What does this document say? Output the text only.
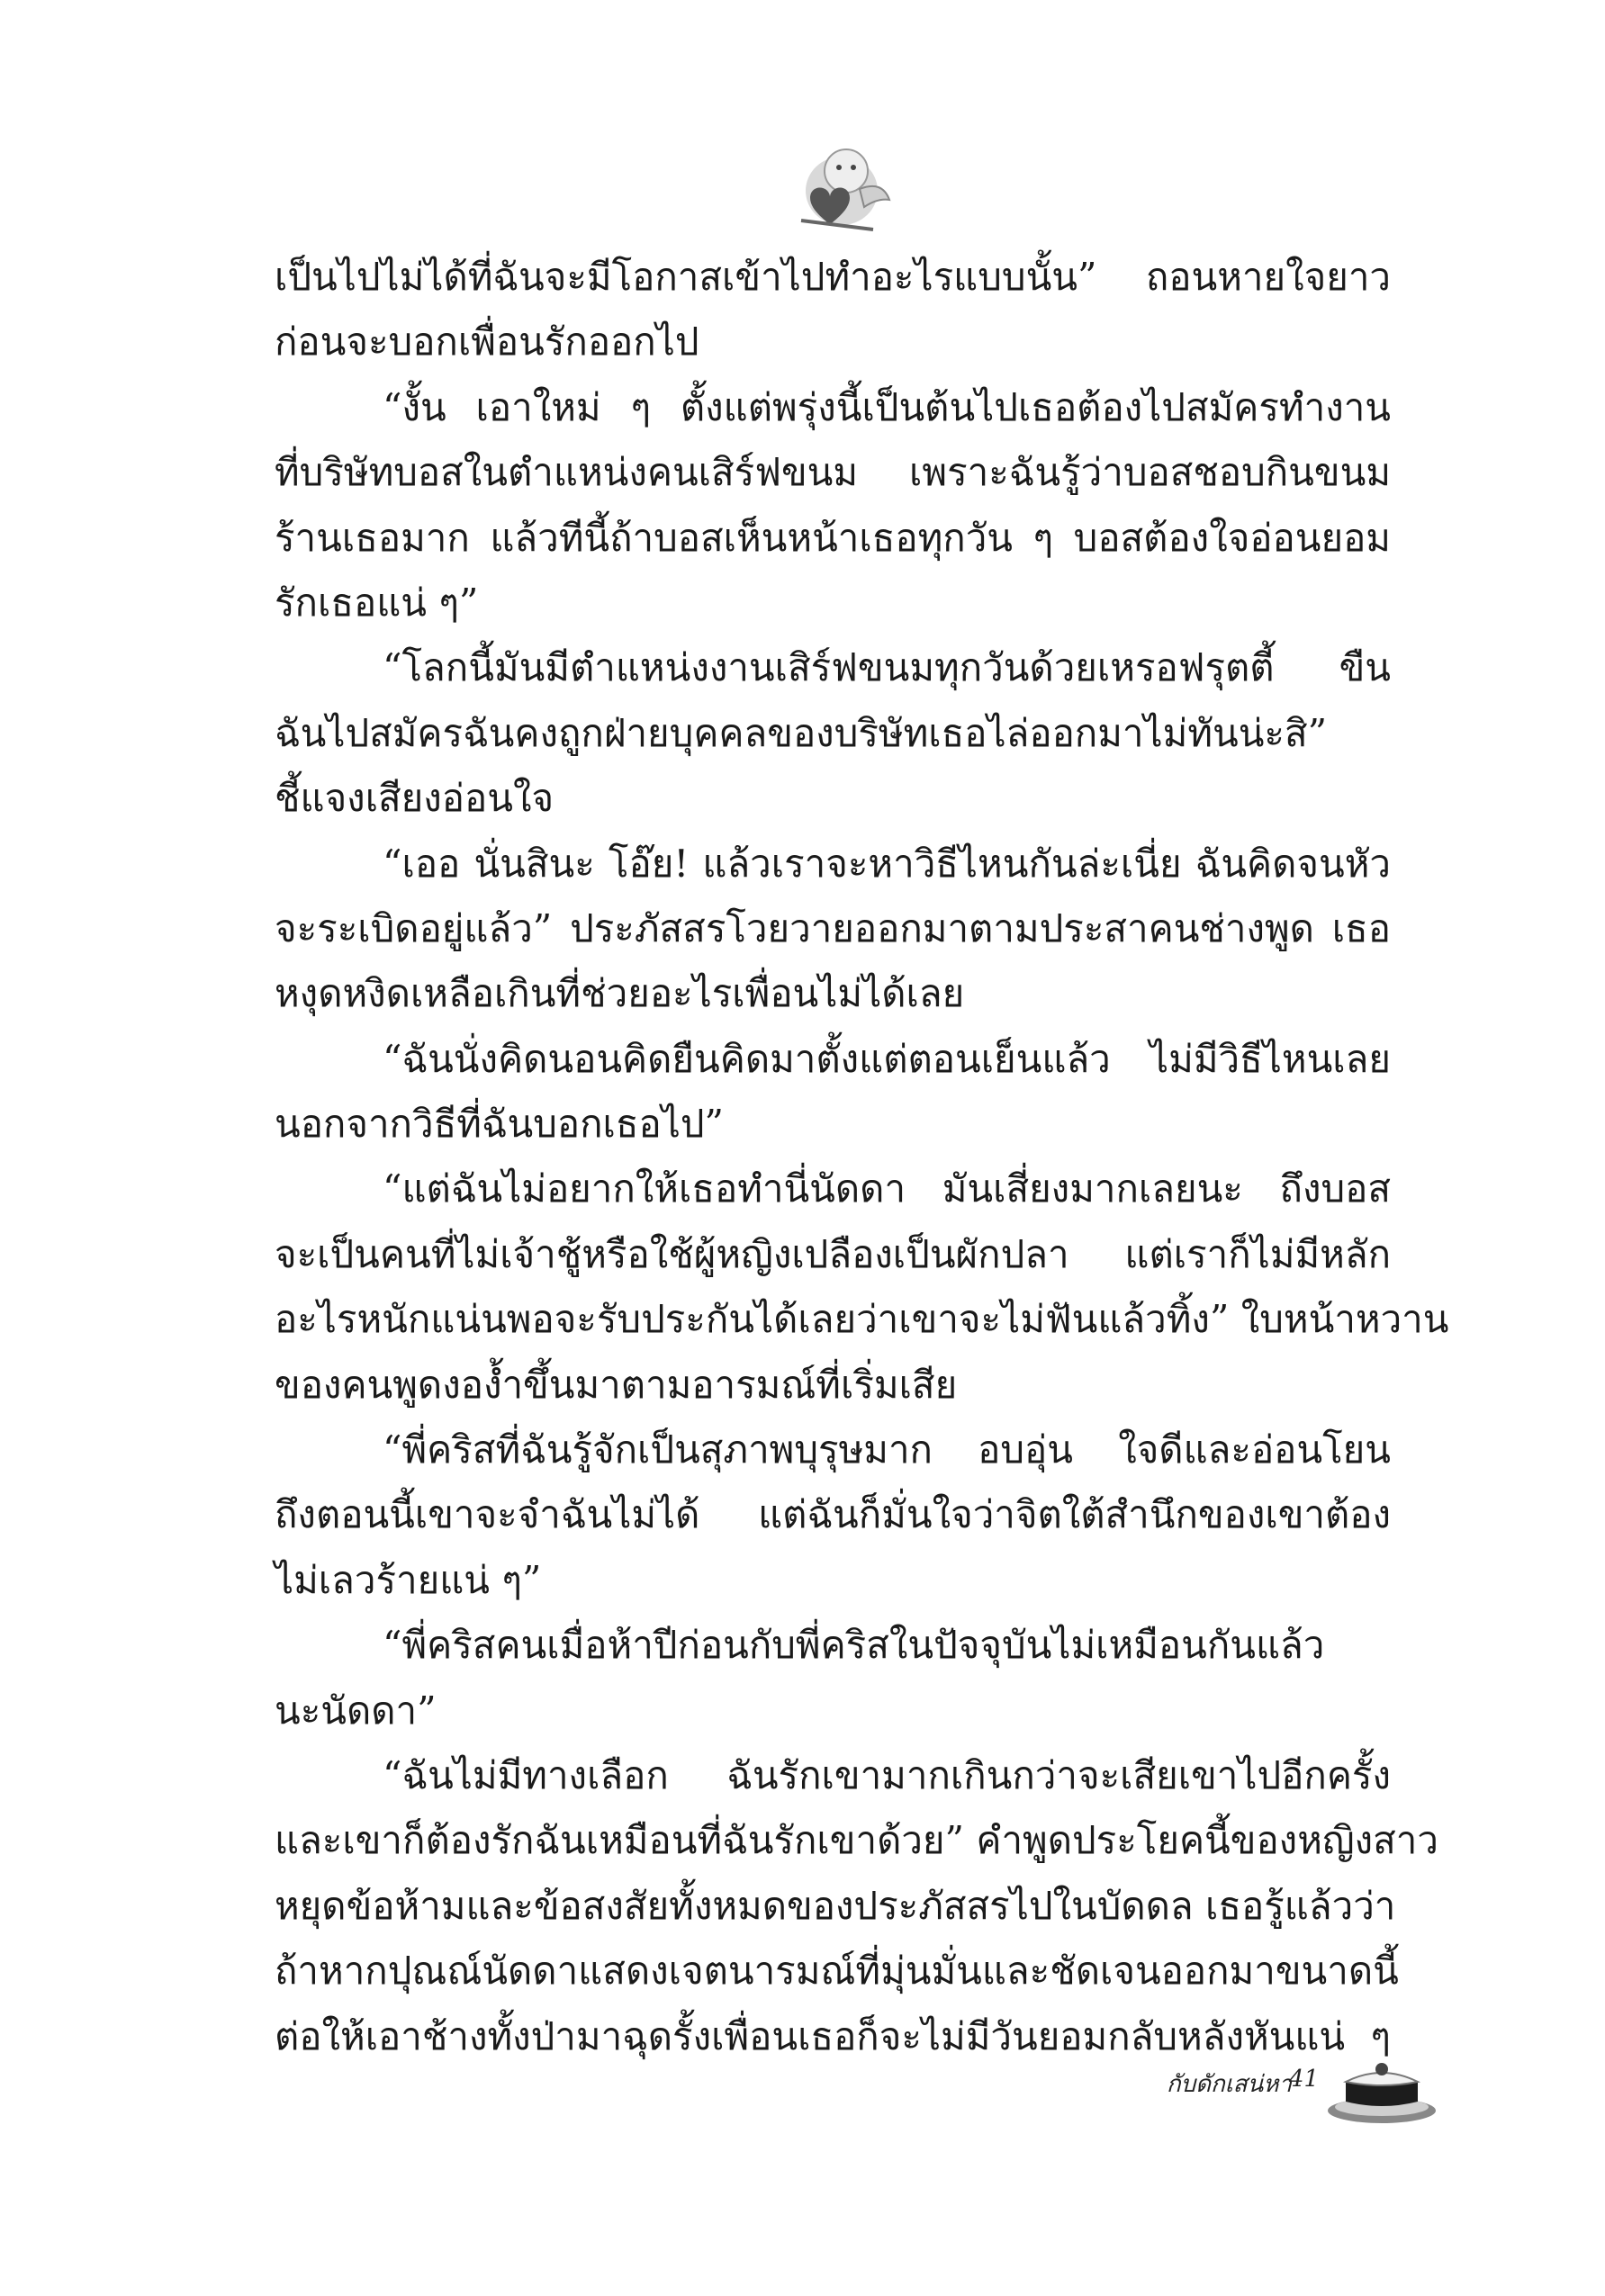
เป็นไปไม่ได้ที่ฉันจะมีโอกาสเข้าไปทำอะไรแบบนั้น” ถอนหายใจยาว
ก่อนจะบอกเพื่อนรักออกไป
“งั้น เอาใหม่ ๆ ตั้งแต่พรุ่งนี้เป็นต้นไปเธอต้องไปสมัครทำงาน
ที่บริษัทบอสในตำแหน่งคนเสิร์ฟขนม เพราะฉันรู้ว่าบอสชอบกินขนม
ร้านเธอมาก แล้วทีนี้ถ้าบอสเห็นหน้าเธอทุกวัน ๆ บอสต้องใจอ่อนยอม
รักเธอแน่ ๆ”
“โลกนี้มันมีตำแหน่งงานเสิร์ฟขนมทุกวันด้วยเหรอฟรุตตี้ ขืน
ฉันไปสมัครฉันคงถูกฝ่ายบุคคลของบริษัทเธอไล่ออกมาไม่ทันน่ะสิ”
ชี้แจงเสียงอ่อนใจ
“เออ นั่นสินะ โอ๊ย! แล้วเราจะหาวิธีไหนกันล่ะเนี่ย ฉันคิดจนหัว
จะระเบิดอยู่แล้ว” ประภัสสรโวยวายออกมาตามประสาคนช่างพูด เธอ
หงุดหงิดเหลือเกินที่ช่วยอะไรเพื่อนไม่ได้เลย
“ฉันนั่งคิดนอนคิดยืนคิดมาตั้งแต่ตอนเย็นแล้ว ไม่มีวิธีไหนเลย
นอกจากวิธีที่ฉันบอกเธอไป”
“แต่ฉันไม่อยากให้เธอทำนี่นัดดา มันเสี่ยงมากเลยนะ ถึงบอส
จะเป็นคนที่ไม่เจ้าชู้หรือใช้ผู้หญิงเปลืองเป็นผักปลา แต่เราก็ไม่มีหลัก
อะไรหนักแน่นพอจะรับประกันได้เลยว่าเขาจะไม่ฟันแล้วทิ้ง” ใบหน้าหวาน
ของคนพูดงอง้ำขึ้นมาตามอารมณ์ที่เริ่มเสีย
“พี่คริสที่ฉันรู้จักเป็นสุภาพบุรุษมาก อบอุ่น ใจดีและอ่อนโยน
ถึงตอนนี้เขาจะจำฉันไม่ได้ แต่ฉันก็มั่นใจว่าจิตใต้สำนึกของเขาต้อง
ไม่เลวร้ายแน่ ๆ”
“พี่คริสคนเมื่อห้าปีก่อนกับพี่คริสในปัจจุบันไม่เหมือนกันแล้ว
นะนัดดา”
“ฉันไม่มีทางเลือก ฉันรักเขามากเกินกว่าจะเสียเขาไปอีกครั้ง
และเขาก็ต้องรักฉันเหมือนที่ฉันรักเขาด้วย” คำพูดประโยคนี้ของหญิงสาว
หยุดข้อห้ามและข้อสงสัยทั้งหมดของประภัสสรไปในบัดดล เธอรู้แล้วว่า
ถ้าหากปุณณ์นัดดาแสดงเจตนารมณ์ที่มุ่นมั่นและชัดเจนออกมาขนาดนี้
ต่อให้เอาช้างทั้งป่ามาฉุดรั้งเพื่อนเธอก็จะไม่มีวันยอมกลับหลังหันแน่ ๆ
กับดักเสน่หา
41
